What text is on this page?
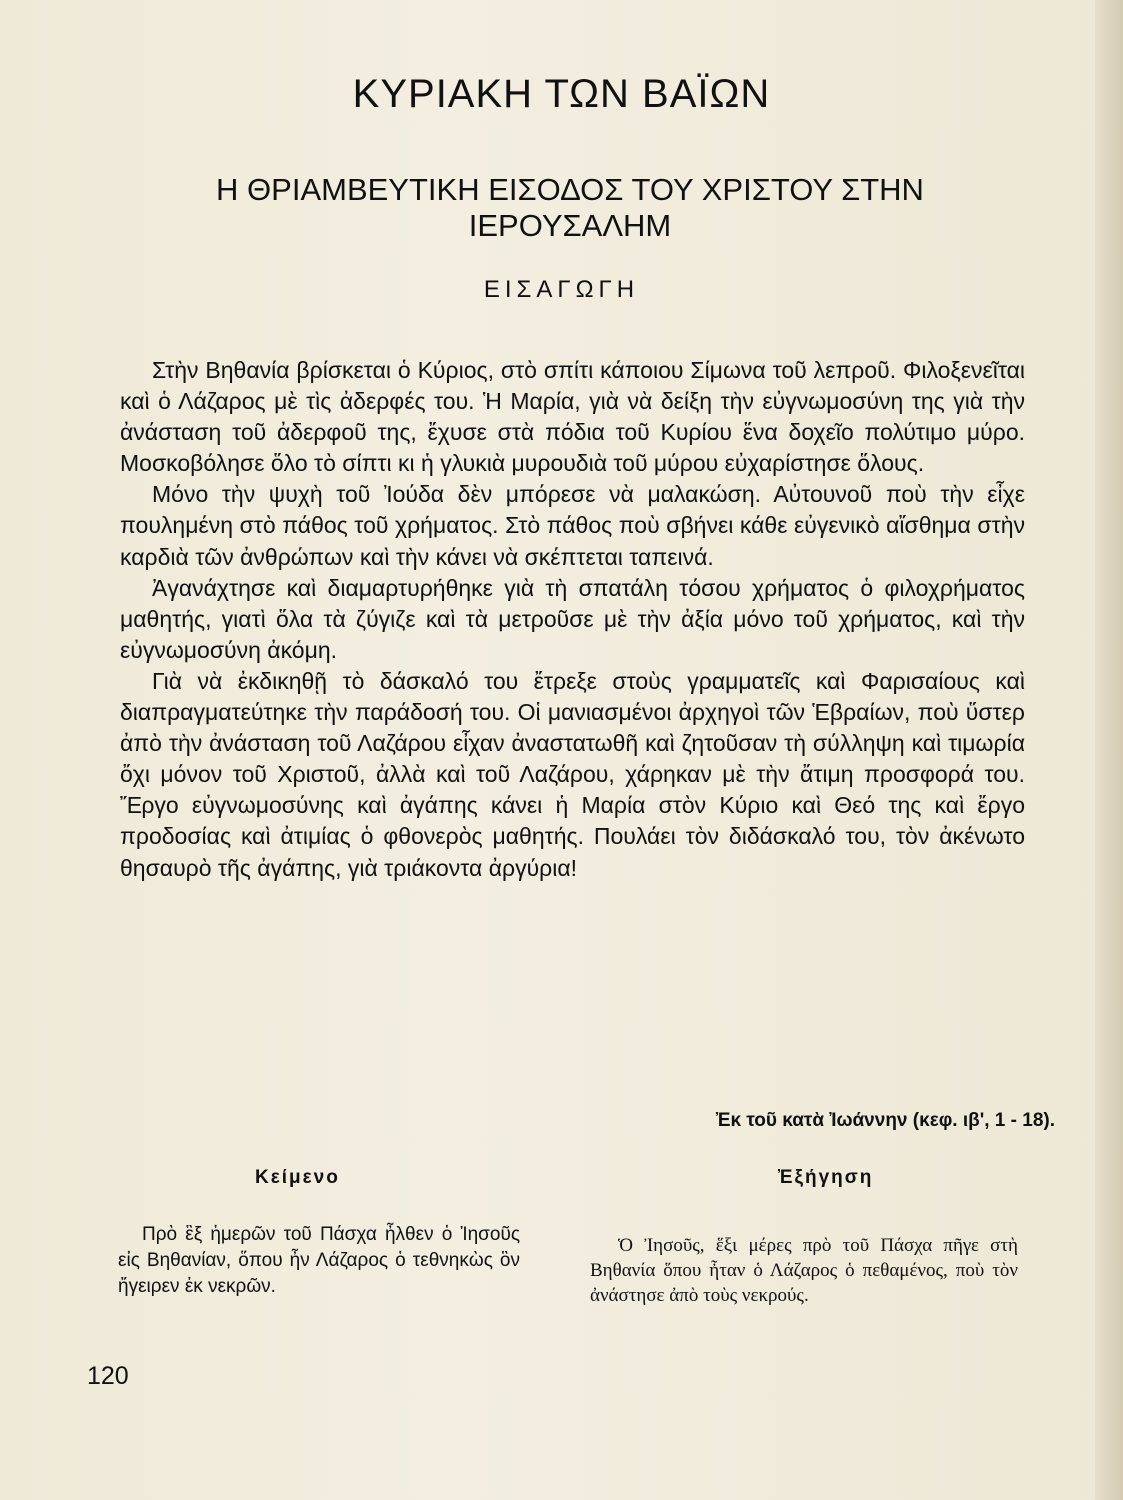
ΚΥΡΙΑΚΗ ΤΩΝ ΒΑΪΩΝ
Η ΘΡΙΑΜΒΕΥΤΙΚΗ ΕΙΣΟΔΟΣ ΤΟΥ ΧΡΙΣΤΟΥ ΣΤΗΝ ΙΕΡΟΥΣΑΛΗΜ
ΕΙΣΑΓΩΓΗ

Στὴν Βηθανία βρίσκεται ὁ Κύριος, στὸ σπίτι κάποιου Σίμωνα τοῦ λεπροῦ. Φιλοξενεῖται καὶ ὁ Λάζαρος μὲ τὶς ἀδερφές του. Ἡ Μαρία, γιὰ νὰ δείξη τὴν εὐγνωμοσύνη της γιὰ τὴν ἀνάσταση τοῦ ἀδερφοῦ της, ἔχυσε στὰ πόδια τοῦ Κυρίου ἕνα δοχεῖο πολύτιμο μύρο. Μοσκοβόλησε ὅλο τὸ σίπτι κι ἡ γλυκιὰ μυρουδιὰ τοῦ μύρου εὐχαρίστησε ὅλους.

Μόνο τὴν ψυχὴ τοῦ Ἰούδα δὲν μπόρεσε νὰ μαλακώση. Αὐτουνοῦ ποὺ τὴν εἶχε πουλημένη στὸ πάθος τοῦ χρήματος. Στὸ πάθος ποὺ σβήνει κάθε εὐγενικὸ αἴσθημα στὴν καρδιὰ τῶν ἀνθρώπων καὶ τὴν κάνει νὰ σκέπτεται ταπεινά.

Ἀγανάχτησε καὶ διαμαρτυρήθηκε γιὰ τὴ σπατάλη τόσου χρήματος ὁ φιλοχρήματος μαθητής, γιατὶ ὅλα τὰ ζύγιζε καὶ τὰ μετροῦσε μὲ τὴν ἀξία μόνο τοῦ χρήματος, καὶ τὴν εὐγνωμοσύνη ἀκόμη.

Γιὰ νὰ ἐκδικηθῇ τὸ δάσκαλό του ἔτρεξε στοὺς γραμματεῖς καὶ Φαρισαίους καὶ διαπραγματεύτηκε τὴν παράδοσή του. Οἱ μανιασμένοι ἀρχηγοὶ τῶν Ἑβραίων, ποὺ ὕστερ ἀπὸ τὴν ἀνάσταση τοῦ Λαζάρου εἶχαν ἀναστατωθῆ καὶ ζητοῦσαν τὴ σύλληψη καὶ τιμωρία ὄχι μόνον τοῦ Χριστοῦ, ἀλλὰ καὶ τοῦ Λαζάρου, χάρηκαν μὲ τὴν ἄτιμη προσφορά του. Ἔργο εὐγνωμοσύνης καὶ ἀγάπης κάνει ἡ Μαρία στὸν Κύριο καὶ Θεό της καὶ ἔργο προδοσίας καὶ ἀτιμίας ὁ φθονερὸς μαθητής. Πουλάει τὸν διδάσκαλό του, τὸν ἀκένωτο θησαυρὸ τῆς ἀγάπης, γιὰ τριάκοντα ἀργύρια!

Ἐκ τοῦ κατὰ Ἰωάννην (κεφ. ιβ', 1 - 18).
Κείμενο	Ἐξήγηση
Πρὸ ἓξ ἡμερῶν τοῦ Πάσχα ἦλθεν ὁ Ἰησοῦς εἰς Βηθανίαν, ὅπου ἦν Λάζαρος ὁ τεθνηκὼς ὃν ἤγειρεν ἐκ νεκρῶν.
Ὁ Ἰησοῦς, ἕξι μέρες πρὸ τοῦ Πάσχα πῆγε στὴ Βηθανία ὅπου ἦταν ὁ Λάζαρος ὁ πεθαμένος, ποὺ τὸν ἀνάστησε ἀπὸ τοὺς νεκρούς.
120
